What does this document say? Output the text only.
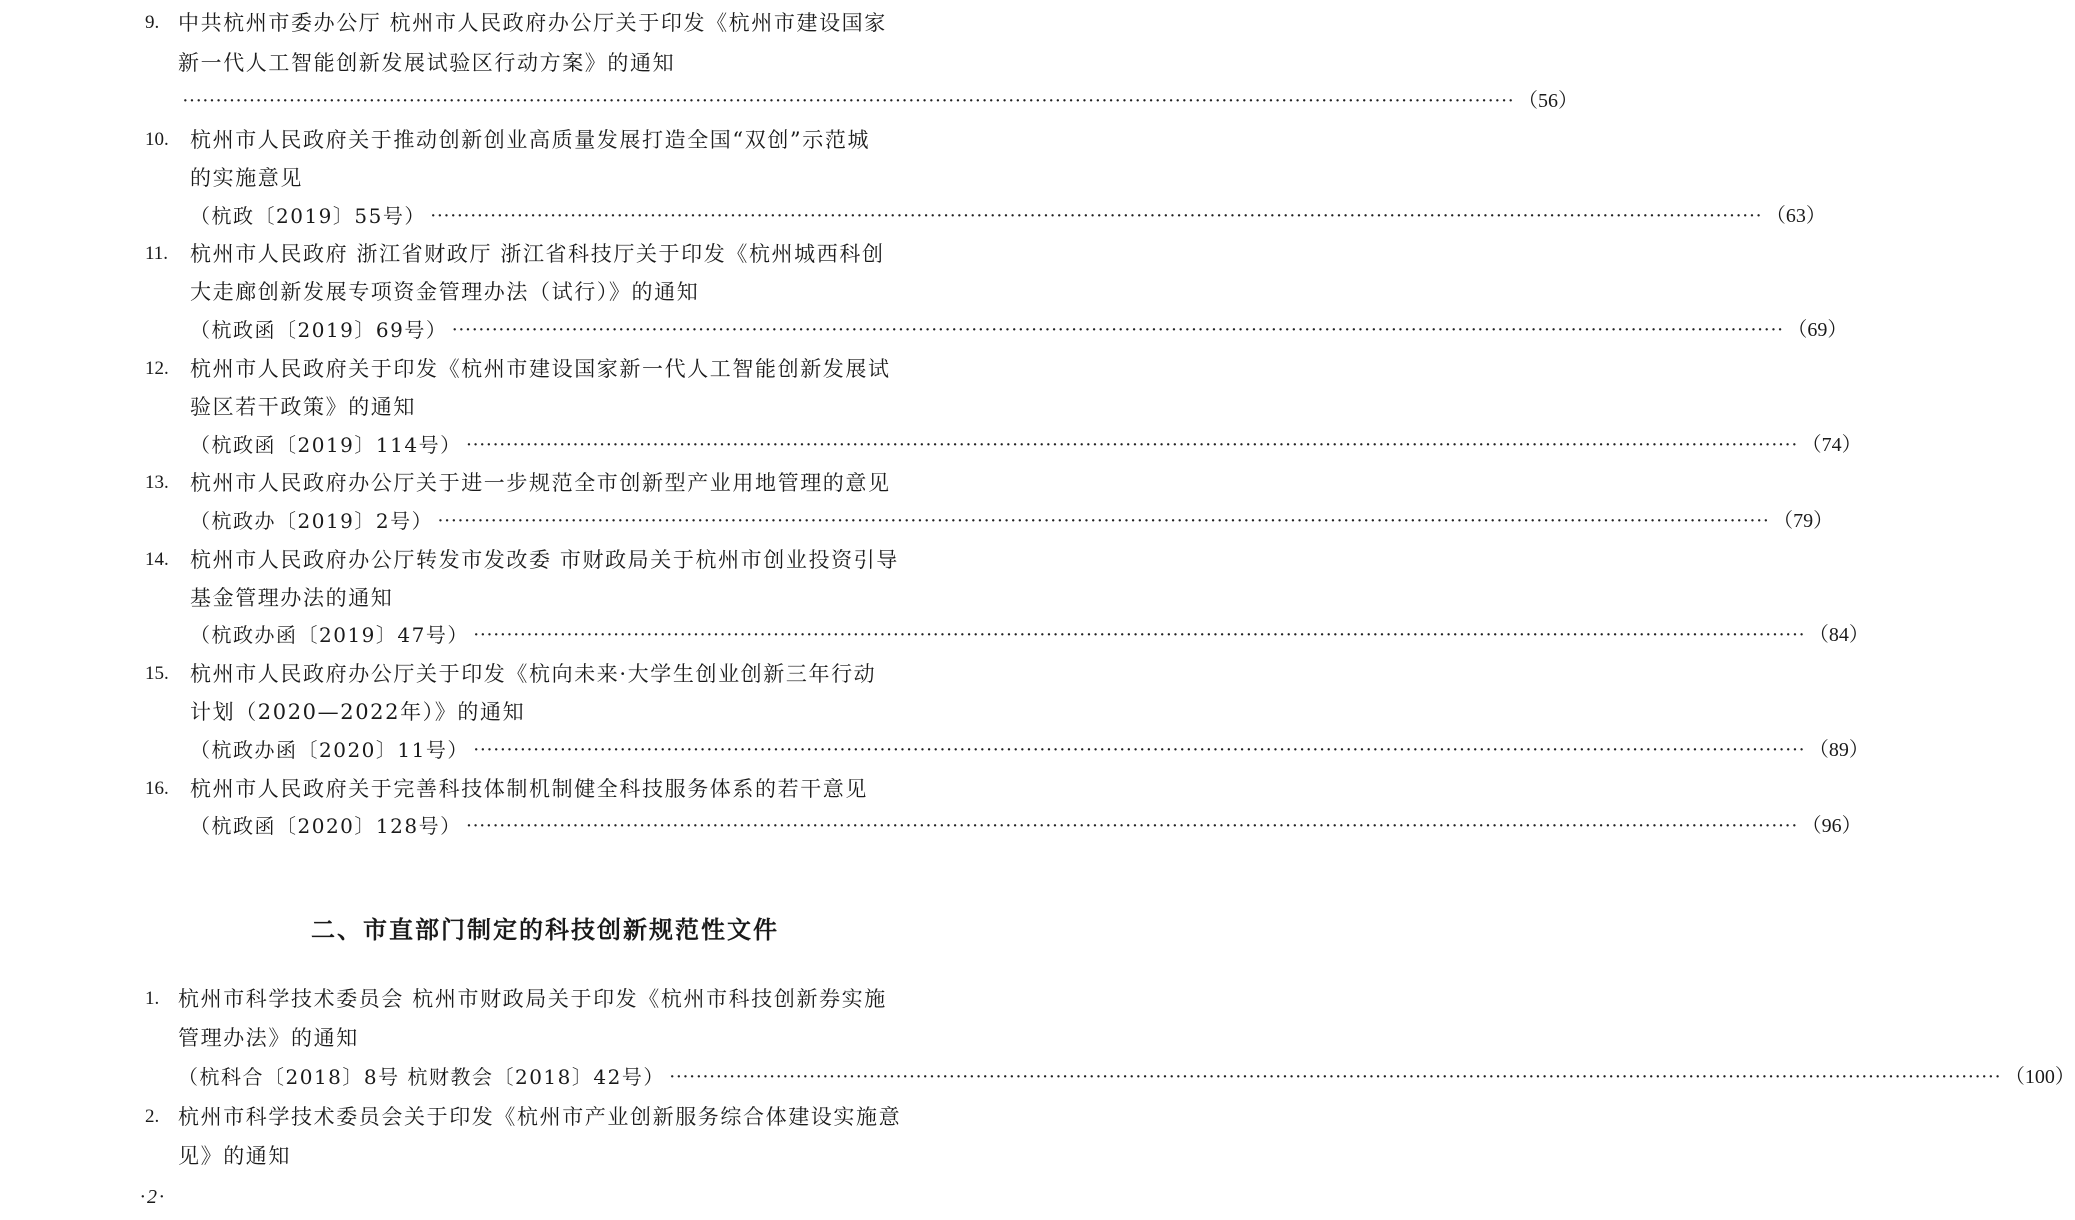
9. 中共杭州市委办公厅 杭州市人民政府办公厅关于印发《杭州市建设国家
新一代人工智能创新发展试验区行动方案》的通知
········································································································································································································ （56）
10. 杭州市人民政府关于推动创新创业高质量发展打造全国“双创”示范城
的实施意见
（杭政〔2019〕55号） ········································································································································································································ （63）
11. 杭州市人民政府 浙江省财政厅 浙江省科技厅关于印发《杭州城西科创
大走廊创新发展专项资金管理办法（试行）》的通知
（杭政函〔2019〕69号） ········································································································································································································ （69）
12. 杭州市人民政府关于印发《杭州市建设国家新一代人工智能创新发展试
验区若干政策》的通知
（杭政函〔2019〕114号） ········································································································································································································ （74）
13. 杭州市人民政府办公厅关于进一步规范全市创新型产业用地管理的意见
（杭政办〔2019〕2号） ········································································································································································································ （79）
14. 杭州市人民政府办公厅转发市发改委 市财政局关于杭州市创业投资引导
基金管理办法的通知
（杭政办函〔2019〕47号） ········································································································································································································ （84）
15. 杭州市人民政府办公厅关于印发《杭向未来·大学生创业创新三年行动
计划（2020—2022年）》的通知
（杭政办函〔2020〕11号） ········································································································································································································ （89）
16. 杭州市人民政府关于完善科技体制机制健全科技服务体系的若干意见
（杭政函〔2020〕128号） ········································································································································································································ （96）
二、市直部门制定的科技创新规范性文件
1. 杭州市科学技术委员会 杭州市财政局关于印发《杭州市科技创新券实施
管理办法》的通知
（杭科合〔2018〕8号 杭财教会〔2018〕42号） ········································································································································································································ （100）
2. 杭州市科学技术委员会关于印发《杭州市产业创新服务综合体建设实施意
见》的通知
·2·
